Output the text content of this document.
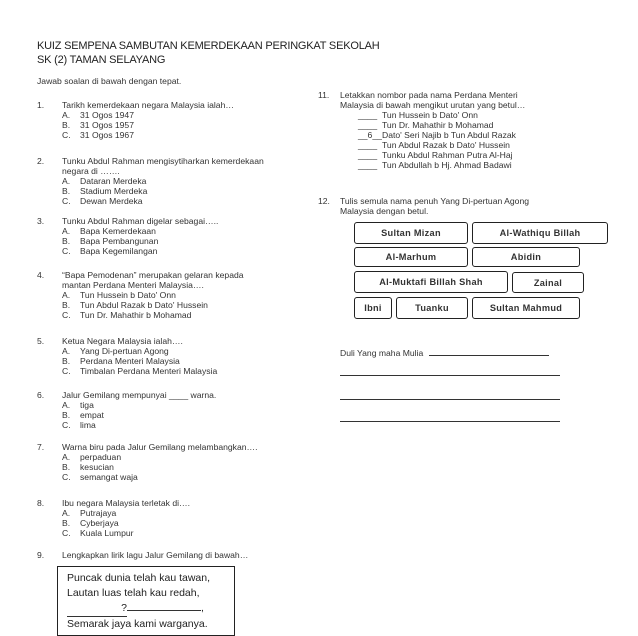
KUIZ SEMPENA SAMBUTAN KEMERDEKAAN PERINGKAT SEKOLAH
SK (2) TAMAN SELAYANG
Jawab soalan di bawah dengan tepat.
1. Tarikh kemerdekaan negara Malaysia ialah…
A. 31 Ogos 1947
B. 31 Ogos 1957
C. 31 Ogos 1967
2. Tunku Abdul Rahman mengisytiharkan kemerdekaan
negara di …….
A. Dataran Merdeka
B. Stadium Merdeka
C. Dewan Merdeka
3. Tunku Abdul Rahman digelar sebagai…..
A. Bapa Kemerdekaan
B. Bapa Pembangunan
C. Bapa Kegemilangan
4. “Bapa Pemodenan” merupakan gelaran kepada
mantan Perdana Menteri Malaysia….
A. Tun Hussein b Dato' Onn
B. Tun Abdul Razak b Dato' Hussein
C. Tun Dr. Mahathir b Mohamad
5. Ketua Negara Malaysia ialah….
A. Yang Di-pertuan Agong
B. Perdana Menteri Malaysia
C. Timbalan Perdana Menteri Malaysia
6. Jalur Gemilang mempunyai ____ warna.
A. tiga
B. empat
C. lima
7. Warna biru pada Jalur Gemilang melambangkan….
A. perpaduan
B. kesucian
C. semangat waja
8. Ibu negara Malaysia terletak di….
A. Putrajaya
B. Cyberjaya
C. Kuala Lumpur
9. Lengkapkan lirik lagu Jalur Gemilang di bawah…
Puncak dunia telah kau tawan,
Lautan luas telah kau redah,
?	,
Semarak jaya kami warganya.
11. Letakkan nombor pada nama Perdana Menteri
Malaysia di bawah mengikut urutan yang betul…
____ Tun Hussein b Dato' Onn
____ Tun Dr. Mahathir b Mohamad
__6__ Dato' Seri Najib b Tun Abdul Razak
____ Tun Abdul Razak b Dato' Hussein
____ Tunku Abdul Rahman Putra Al-Haj
____ Tun Abdullah b Hj. Ahmad Badawi
12. Tulis semula nama penuh Yang Di-pertuan Agong
Malaysia dengan betul.
Sultan Mizan	Al-Wathiqu Billah
Al-Marhum	Abidin
Al-Muktafi Billah Shah	Zainal
Ibni	Tuanku	Sultan Mahmud
Duli Yang maha Mulia
